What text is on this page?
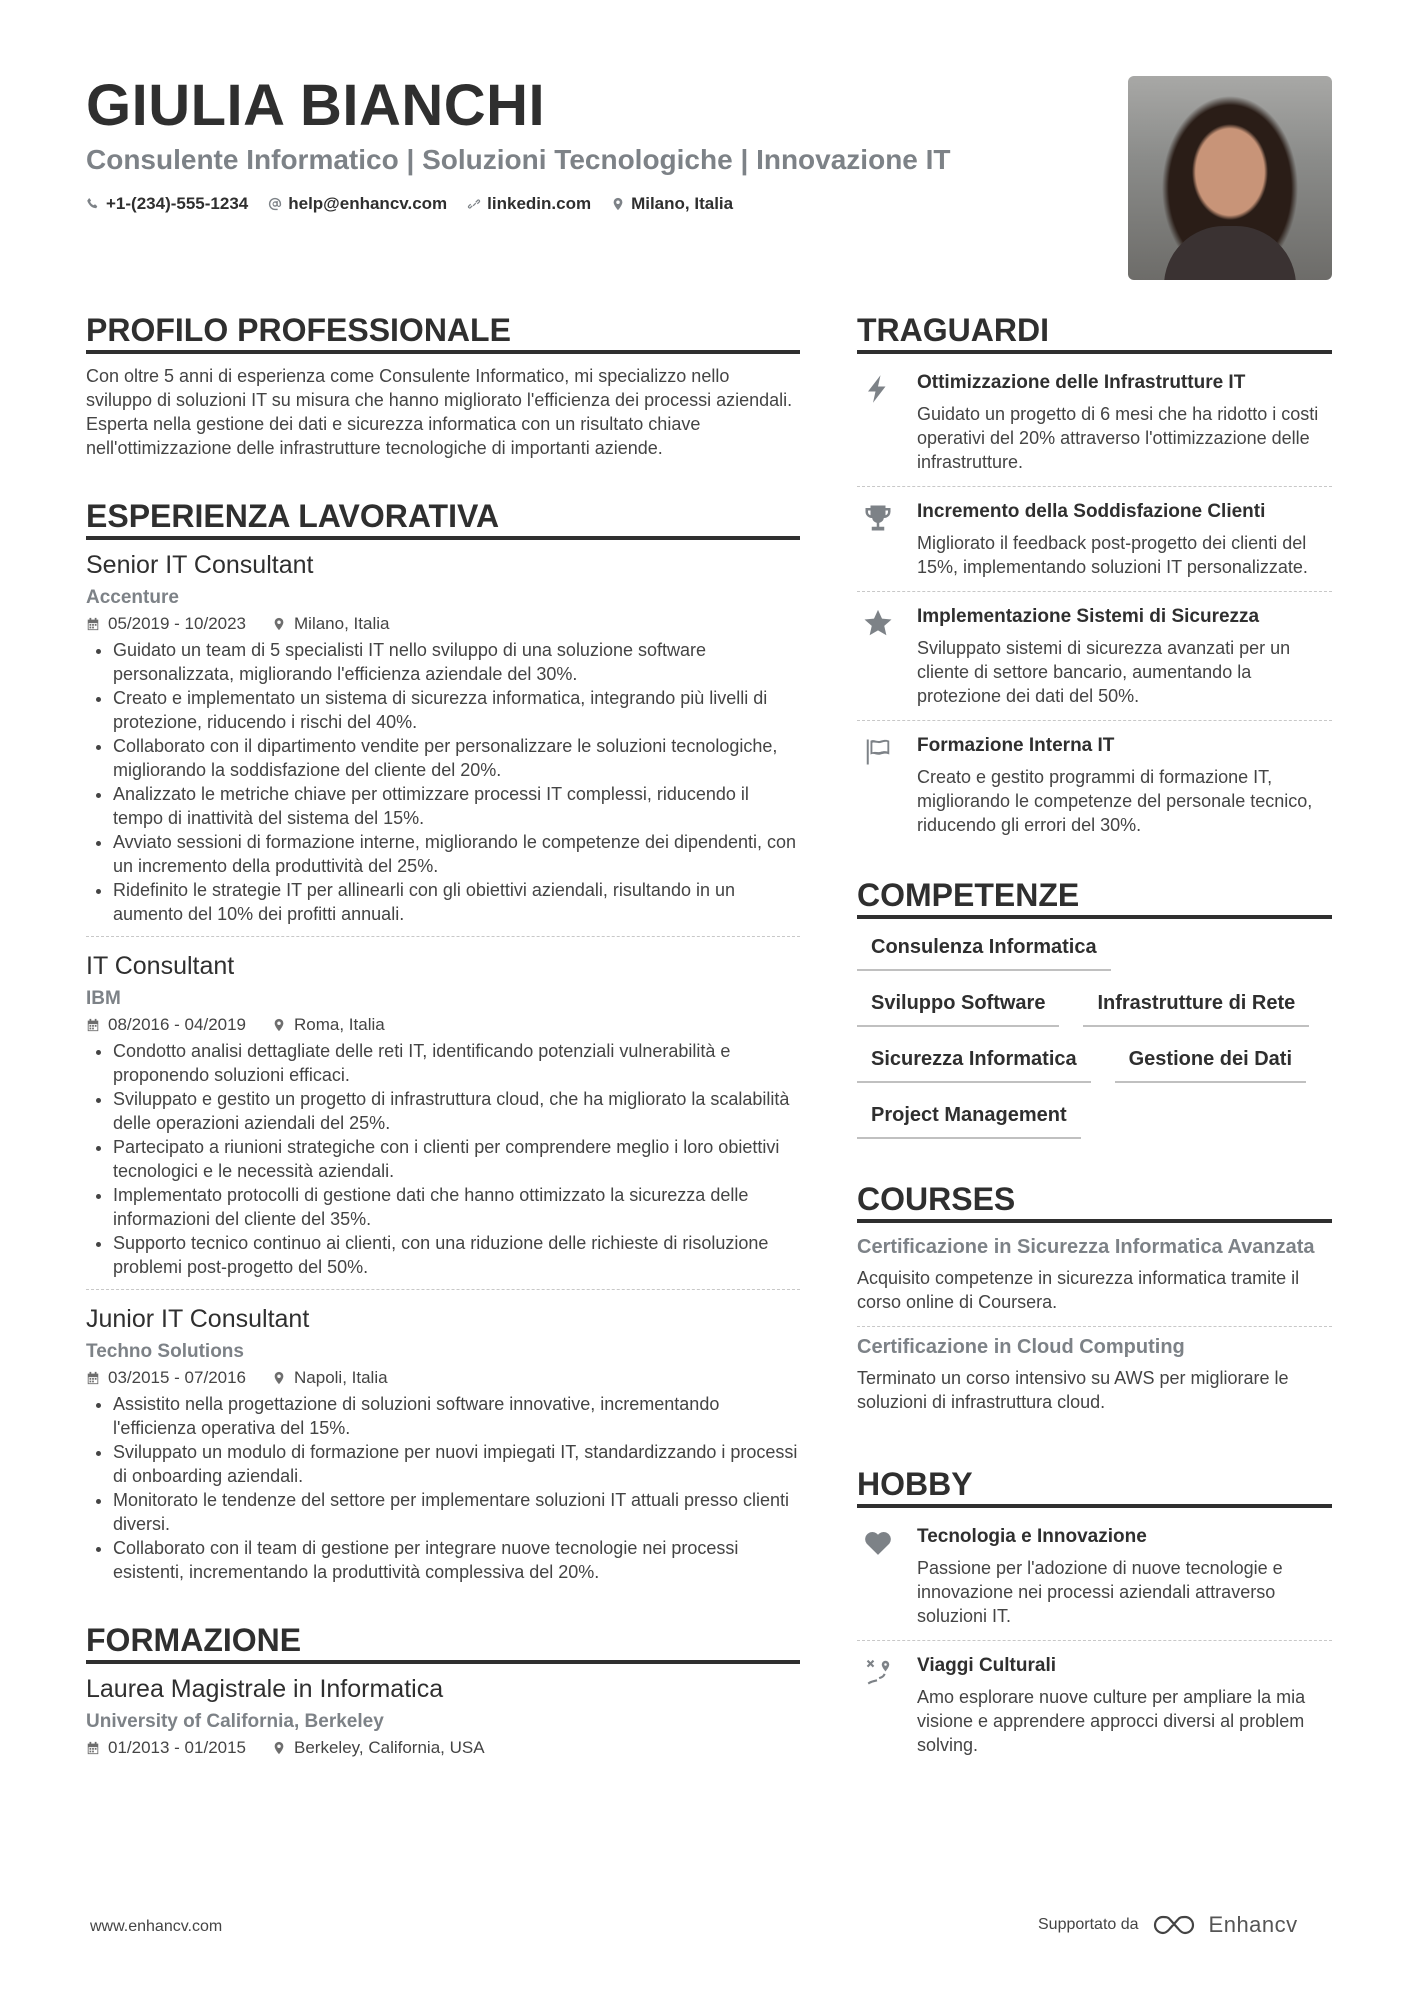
GIULIA BIANCHI
Consulente Informatico | Soluzioni Tecnologiche | Innovazione IT
+1-(234)-555-1234 help@enhancv.com linkedin.com Milano, Italia
PROFILO PROFESSIONALE
Con oltre 5 anni di esperienza come Consulente Informatico, mi specializzo nello sviluppo di soluzioni IT su misura che hanno migliorato l'efficienza dei processi aziendali. Esperta nella gestione dei dati e sicurezza informatica con un risultato chiave nell'ottimizzazione delle infrastrutture tecnologiche di importanti aziende.
ESPERIENZA LAVORATIVA
Senior IT Consultant
Accenture
05/2019 - 10/2023	Milano, Italia
• Guidato un team di 5 specialisti IT nello sviluppo di una soluzione software personalizzata, migliorando l'efficienza aziendale del 30%.
• Creato e implementato un sistema di sicurezza informatica, integrando più livelli di protezione, riducendo i rischi del 40%.
• Collaborato con il dipartimento vendite per personalizzare le soluzioni tecnologiche, migliorando la soddisfazione del cliente del 20%.
• Analizzato le metriche chiave per ottimizzare processi IT complessi, riducendo il tempo di inattività del sistema del 15%.
• Avviato sessioni di formazione interne, migliorando le competenze dei dipendenti, con un incremento della produttività del 25%.
• Ridefinito le strategie IT per allinearli con gli obiettivi aziendali, risultando in un aumento del 10% dei profitti annuali.
IT Consultant
IBM
08/2016 - 04/2019	Roma, Italia
• Condotto analisi dettagliate delle reti IT, identificando potenziali vulnerabilità e proponendo soluzioni efficaci.
• Sviluppato e gestito un progetto di infrastruttura cloud, che ha migliorato la scalabilità delle operazioni aziendali del 25%.
• Partecipato a riunioni strategiche con i clienti per comprendere meglio i loro obiettivi tecnologici e le necessità aziendali.
• Implementato protocolli di gestione dati che hanno ottimizzato la sicurezza delle informazioni del cliente del 35%.
• Supporto tecnico continuo ai clienti, con una riduzione delle richieste di risoluzione problemi post-progetto del 50%.
Junior IT Consultant
Techno Solutions
03/2015 - 07/2016	Napoli, Italia
• Assistito nella progettazione di soluzioni software innovative, incrementando l'efficienza operativa del 15%.
• Sviluppato un modulo di formazione per nuovi impiegati IT, standardizzando i processi di onboarding aziendali.
• Monitorato le tendenze del settore per implementare soluzioni IT attuali presso clienti diversi.
• Collaborato con il team di gestione per integrare nuove tecnologie nei processi esistenti, incrementando la produttività complessiva del 20%.
FORMAZIONE
Laurea Magistrale in Informatica
University of California, Berkeley
01/2013 - 01/2015	Berkeley, California, USA
TRAGUARDI
Ottimizzazione delle Infrastrutture IT
Guidato un progetto di 6 mesi che ha ridotto i costi operativi del 20% attraverso l'ottimizzazione delle infrastrutture.
Incremento della Soddisfazione Clienti
Migliorato il feedback post-progetto dei clienti del 15%, implementando soluzioni IT personalizzate.
Implementazione Sistemi di Sicurezza
Sviluppato sistemi di sicurezza avanzati per un cliente di settore bancario, aumentando la protezione dei dati del 50%.
Formazione Interna IT
Creato e gestito programmi di formazione IT, migliorando le competenze del personale tecnico, riducendo gli errori del 30%.
COMPETENZE
Consulenza Informatica
Sviluppo Software	Infrastrutture di Rete
Sicurezza Informatica	Gestione dei Dati
Project Management
COURSES
Certificazione in Sicurezza Informatica Avanzata
Acquisito competenze in sicurezza informatica tramite il corso online di Coursera.
Certificazione in Cloud Computing
Terminato un corso intensivo su AWS per migliorare le soluzioni di infrastruttura cloud.
HOBBY
Tecnologia e Innovazione
Passione per l'adozione di nuove tecnologie e innovazione nei processi aziendali attraverso soluzioni IT.
Viaggi Culturali
Amo esplorare nuove culture per ampliare la mia visione e apprendere approcci diversi al problem solving.
www.enhancv.com	Supportato da	Enhancv
